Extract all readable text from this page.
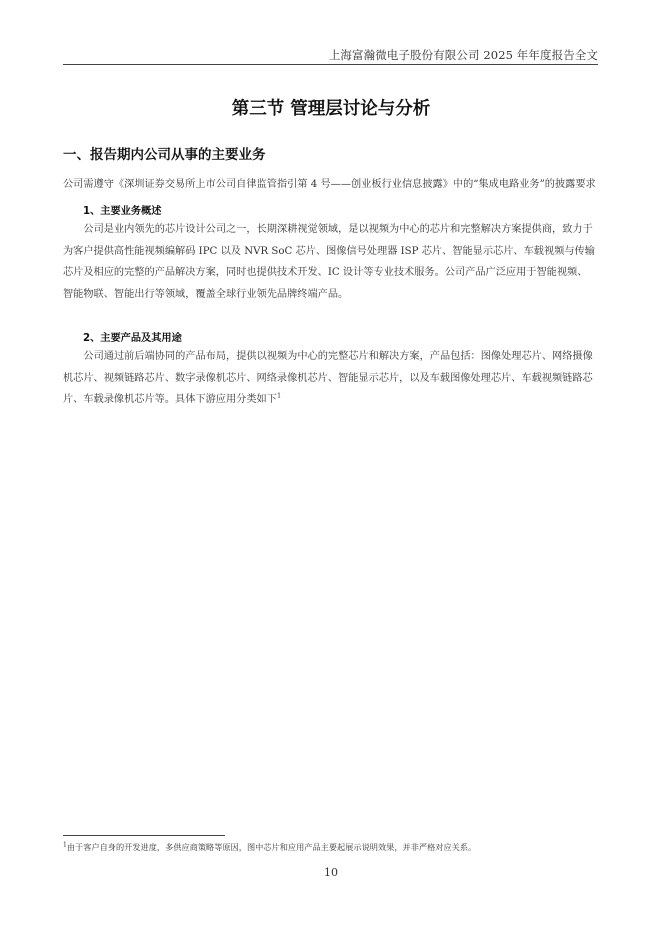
上海富瀚微电子股份有限公司 2025 年年度报告全文
第三节 管理层讨论与分析
一、报告期内公司从事的主要业务

公司需遵守《深圳证券交易所上市公司自律监管指引第 4 号——创业板行业信息披露》中的“集成电路业务”的披露要求

1、主要业务概述

公司是业内领先的芯片设计公司之一，长期深耕视觉领域，是以视频为中心的芯片和完整解决方案提供商，致力于为客户提供高性能视频编解码 IPC 以及 NVR SoC 芯片、图像信号处理器 ISP 芯片、智能显示芯片、车载视频与传输芯片及相应的完整的产品解决方案，同时也提供技术开发、IC 设计等专业技术服务。公司产品广泛应用于智能视频、智能物联、智能出行等领域，覆盖全球行业领先品牌终端产品。

2、主要产品及其用途

公司通过前后端协同的产品布局，提供以视频为中心的完整芯片和解决方案，产品包括：图像处理芯片、网络摄像机芯片、视频链路芯片、数字录像机芯片、网络录像机芯片、智能显示芯片，以及车载图像处理芯片、车载视频链路芯片、车载录像机芯片等。具体下游应用分类如下$^1$

$^1$由于客户自身的开发进度，多供应商策略等原因，图中芯片和应用产品主要起展示说明效果，并非严格对应关系。
10
